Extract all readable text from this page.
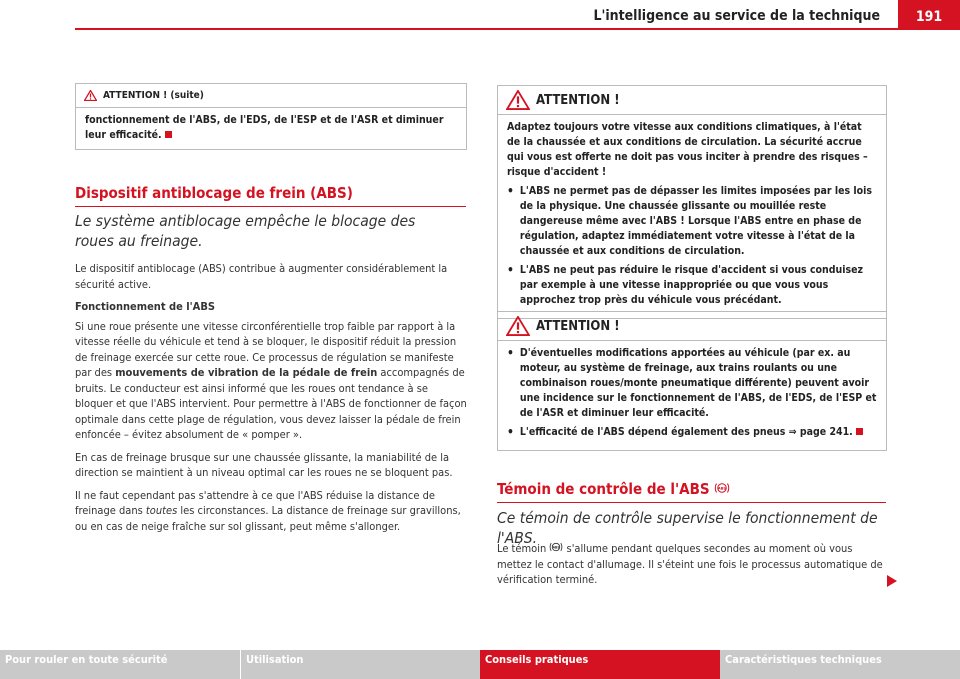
L'intelligence au service de la technique	191
ATTENTION ! (suite)
fonctionnement de l'ABS, de l'EDS, de l'ESP et de l'ASR et diminuer leur efficacité.
Dispositif antiblocage de frein (ABS)
Le système antiblocage empêche le blocage des roues au freinage.

Le dispositif antiblocage (ABS) contribue à augmenter considérablement la sécurité active.

Fonctionnement de l'ABS

Si une roue présente une vitesse circonférentielle trop faible par rapport à la vitesse réelle du véhicule et tend à se bloquer, le dispositif réduit la pression de freinage exercée sur cette roue. Ce processus de régulation se manifeste par des mouvements de vibration de la pédale de frein accompagnés de bruits. Le conducteur est ainsi informé que les roues ont tendance à se bloquer et que l'ABS intervient. Pour permettre à l'ABS de fonctionner de façon optimale dans cette plage de régulation, vous devez laisser la pédale de frein enfoncée – évitez absolument de « pomper ».

En cas de freinage brusque sur une chaussée glissante, la maniabilité de la direction se maintient à un niveau optimal car les roues ne se bloquent pas.

Il ne faut cependant pas s'attendre à ce que l'ABS réduise la distance de freinage dans toutes les circonstances. La distance de freinage sur gravillons, ou en cas de neige fraîche sur sol glissant, peut même s'allonger.

ATTENTION !

Adaptez toujours votre vitesse aux conditions climatiques, à l'état de la chaussée et aux conditions de circulation. La sécurité accrue qui vous est offerte ne doit pas vous inciter à prendre des risques – risque d'accident !

• L'ABS ne permet pas de dépasser les limites imposées par les lois de la physique. Une chaussée glissante ou mouillée reste dangereuse même avec l'ABS ! Lorsque l'ABS entre en phase de régulation, adaptez immédiatement votre vitesse à l'état de la chaussée et aux conditions de circulation.
• L'ABS ne peut pas réduire le risque d'accident si vous conduisez par exemple à une vitesse inappropriée ou que vous vous approchez trop près du véhicule vous précédant.
ATTENTION !
• D'éventuelles modifications apportées au véhicule (par ex. au moteur, au système de freinage, aux trains roulants ou une combinaison roues/monte pneumatique différente) peuvent avoir une incidence sur le fonctionnement de l'ABS, de l'EDS, de l'ESP et de l'ASR et diminuer leur efficacité.
• L'efficacité de l'ABS dépend également des pneus ⇒ page 241.
Témoin de contrôle de l'ABS ABS
Ce témoin de contrôle supervise le fonctionnement de l'ABS.

Le témoin ABS s'allume pendant quelques secondes au moment où vous mettez le contact d'allumage. Il s'éteint une fois le processus automatique de vérification terminé.

Pour rouler en toute sécurité	Utilisation	Conseils pratiques	Caractéristiques techniques
